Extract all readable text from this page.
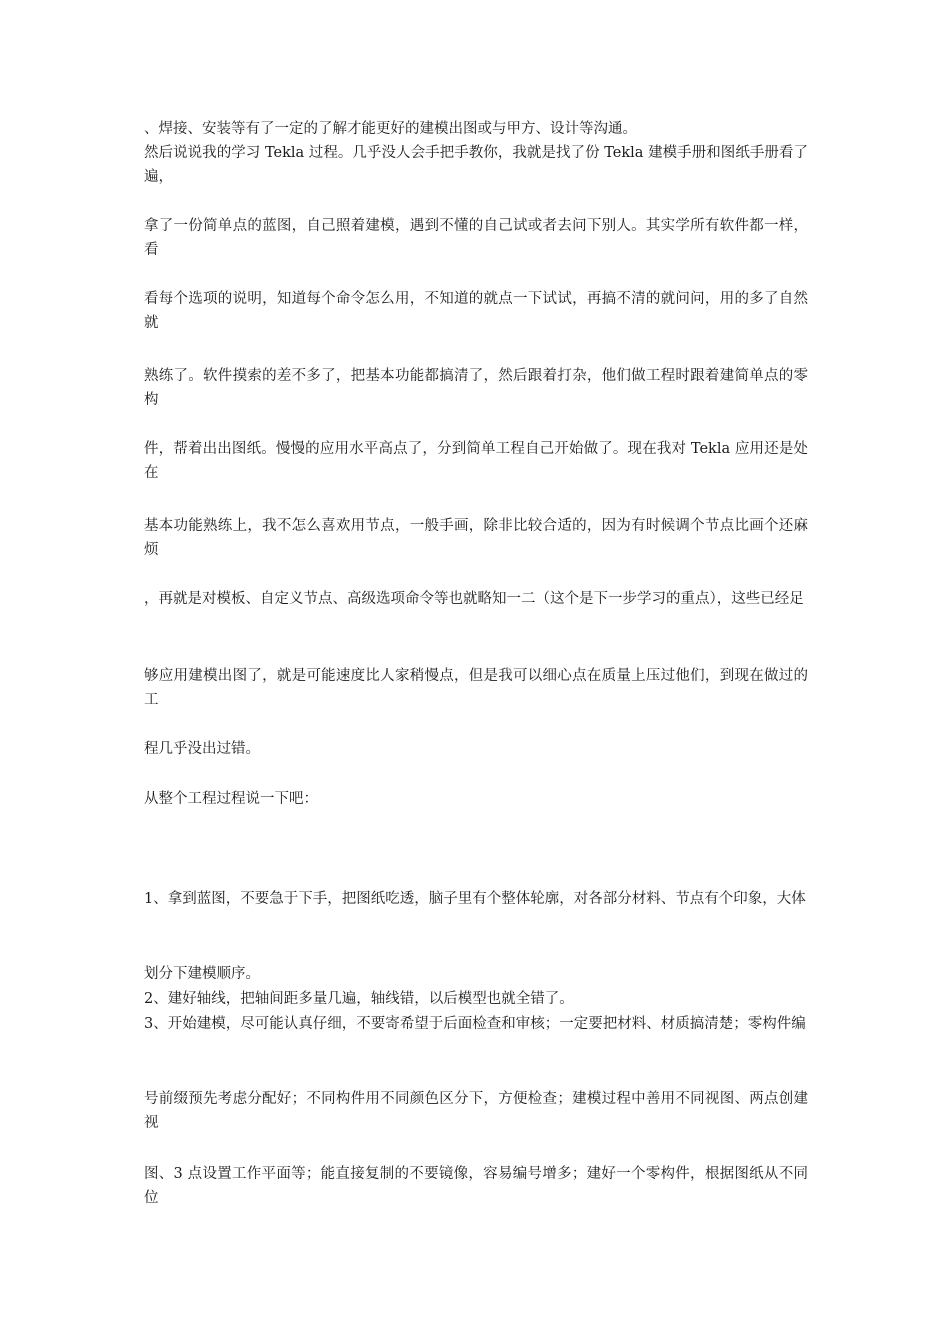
、焊接、安装等有了一定的了解才能更好的建模出图或与甲方、设计等沟通。

然后说说我的学习 Tekla 过程。几乎没人会手把手教你，我就是找了份 Tekla 建模手册和图纸手册看了遍，

拿了一份简单点的蓝图，自己照着建模，遇到不懂的自己试或者去问下别人。其实学所有软件都一样，看

看每个选项的说明，知道每个命令怎么用，不知道的就点一下试试，再搞不清的就问问，用的多了自然就

熟练了。软件摸索的差不多了，把基本功能都搞清了，然后跟着打杂，他们做工程时跟着建简单点的零构

件，帮着出出图纸。慢慢的应用水平高点了，分到简单工程自己开始做了。现在我对 Tekla 应用还是处在

基本功能熟练上，我不怎么喜欢用节点，一般手画，除非比较合适的，因为有时候调个节点比画个还麻烦

，再就是对模板、自定义节点、高级选项命令等也就略知一二（这个是下一步学习的重点），这些已经足

够应用建模出图了，就是可能速度比人家稍慢点，但是我可以细心点在质量上压过他们，到现在做过的工

程几乎没出过错。

从整个工程过程说一下吧：

1、拿到蓝图，不要急于下手，把图纸吃透，脑子里有个整体轮廓，对各部分材料、节点有个印象，大体

划分下建模顺序。

2、建好轴线，把轴间距多量几遍，轴线错，以后模型也就全错了。

3、开始建模，尽可能认真仔细，不要寄希望于后面检查和审核；一定要把材料、材质搞清楚；零构件编

号前缀预先考虑分配好；不同构件用不同颜色区分下，方便检查；建模过程中善用不同视图、两点创建视

图、3 点设置工作平面等；能直接复制的不要镜像，容易编号增多；建好一个零构件，根据图纸从不同位
